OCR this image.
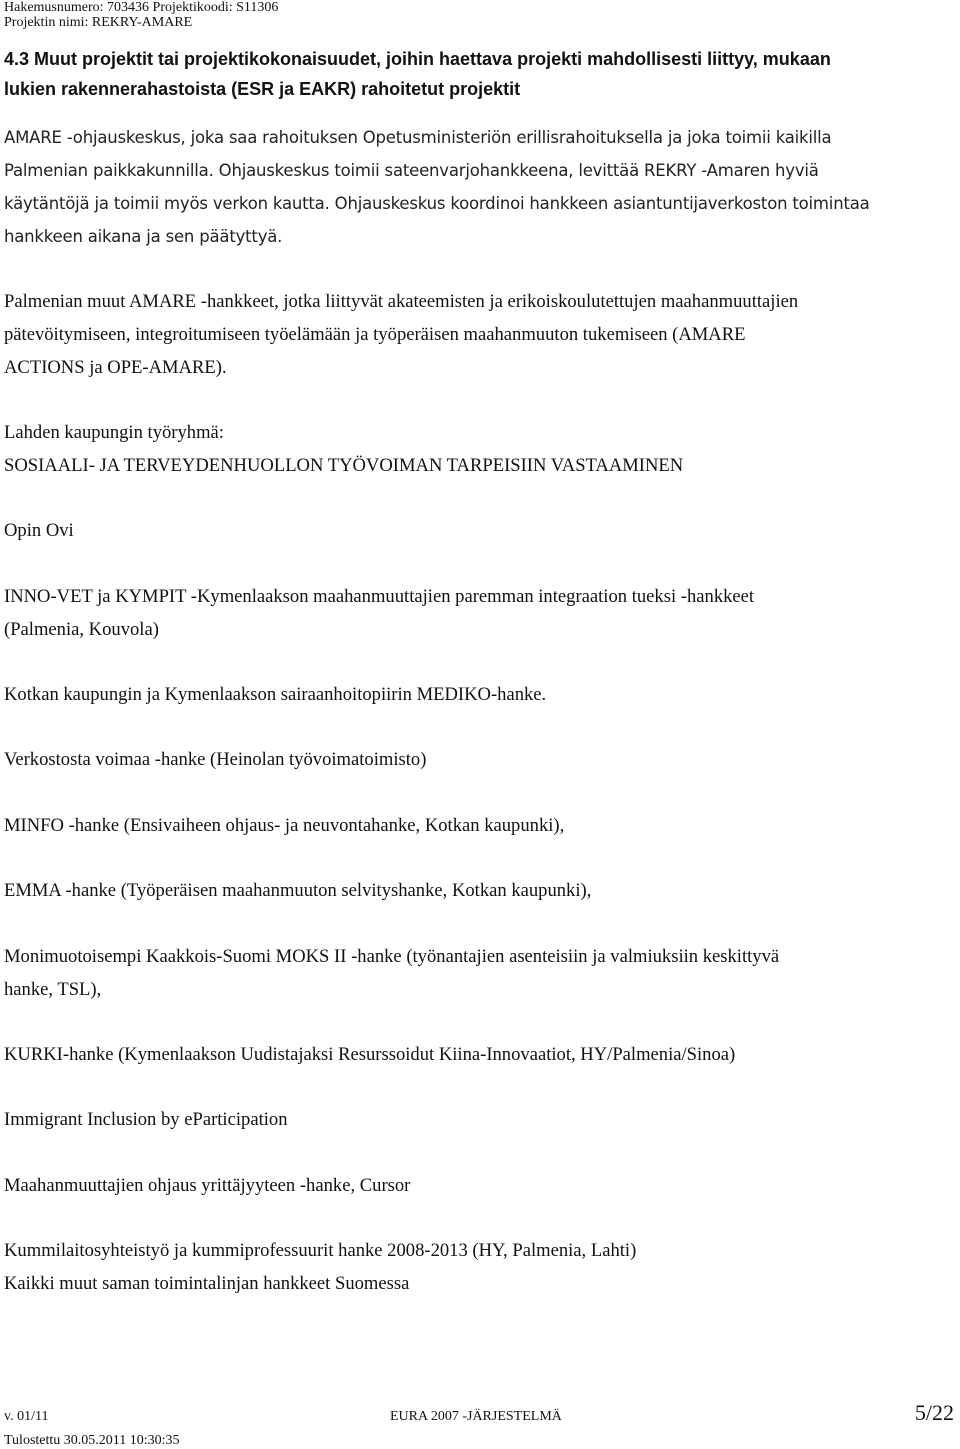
Hakemusnumero: 703436 Projektikoodi: S11306
Projektin nimi: REKRY-AMARE
4.3 Muut projektit tai projektikokonaisuudet, joihin haettava projekti mahdollisesti liittyy, mukaan
lukien rakennerahastoista (ESR ja EAKR) rahoitetut projektit
AMARE -ohjauskeskus, joka saa rahoituksen Opetusministeriön erillisrahoituksella ja joka toimii kaikilla
Palmenian paikkakunnilla. Ohjauskeskus toimii sateenvarjohankkeena, levittää REKRY -Amaren hyviä
käytäntöjä ja toimii myös verkon kautta. Ohjauskeskus koordinoi hankkeen asiantuntijaverkoston toimintaa
hankkeen aikana ja sen päätyttyä.
Palmenian muut AMARE -hankkeet, jotka liittyvät akateemisten ja erikoiskoulutettujen maahanmuuttajien
pätevöitymiseen, integroitumiseen työelämään ja työperäisen maahanmuuton tukemiseen (AMARE
ACTIONS ja OPE-AMARE).
Lahden kaupungin työryhmä:
SOSIAALI- JA TERVEYDENHUOLLON TYÖVOIMAN TARPEISIIN VASTAAMINEN
Opin Ovi
INNO-VET ja KYMPIT -Kymenlaakson maahanmuuttajien paremman integraation tueksi -hankkeet
(Palmenia, Kouvola)
Kotkan kaupungin ja Kymenlaakson sairaanhoitopiirin MEDIKO-hanke.
Verkostosta voimaa -hanke (Heinolan työvoimatoimisto)
MINFO -hanke (Ensivaiheen ohjaus- ja neuvontahanke, Kotkan kaupunki),
EMMA -hanke (Työperäisen maahanmuuton selvityshanke, Kotkan kaupunki),
Monimuotoisempi Kaakkois-Suomi MOKS II -hanke (työnantajien asenteisiin ja valmiuksiin keskittyvä
hanke, TSL),
KURKI-hanke (Kymenlaakson Uudistajaksi Resurssoidut Kiina-Innovaatiot, HY/Palmenia/Sinoa)
Immigrant Inclusion by eParticipation
Maahanmuuttajien ohjaus yrittäjyyteen -hanke, Cursor
Kummilaitosyhteistyö ja kummiprofessuurit hanke 2008-2013 (HY, Palmenia, Lahti)
Kaikki muut saman toimintalinjan hankkeet Suomessa
v. 01/11
Tulostettu 30.05.2011 10:30:35
EURA 2007 -JÄRJESTELMÄ	5/22
